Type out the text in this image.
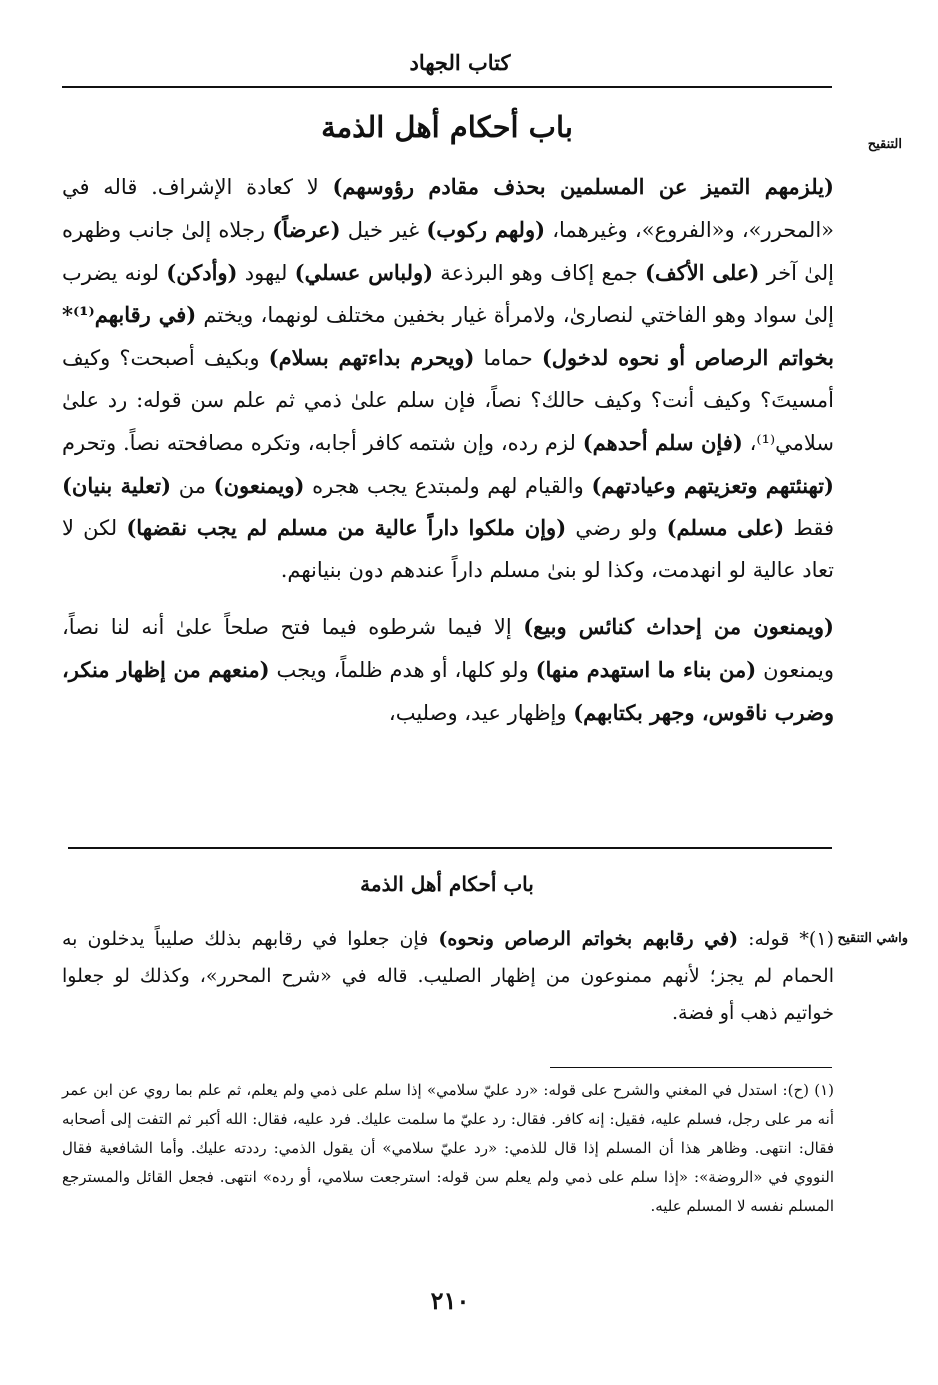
كتاب الجهاد
التنقيح
باب أحكام أهل الذمة

(يلزمهم التميز عن المسلمين بحذف مقادم رؤوسهم) لا كعادة الإشراف. قاله في «المحرر»، و«الفروع»، وغيرهما، (ولهم ركوب) غير خيل (عرضاً) رجلاه إلىٰ جانب وظهره إلىٰ آخر (على الأكف) جمع إكاف وهو البرذعة (ولباس عسلي) ليهود (وأدكن) لونه يضرب إلىٰ سواد وهو الفاختي لنصارىٰ، ولامرأة غيار بخفين مختلف لونهما، ويختم (في رقابهم⁽¹⁾* بخواتم الرصاص أو نحوه لدخول) حماما (ويحرم بداءتهم بسلام) وبكيف أصبحت؟ وكيف أمسيتَ؟ وكيف أنت؟ وكيف حالك؟ نصاً، فإن سلم علىٰ ذمي ثم علم سن قوله: رد علىٰ سلامي⁽¹⁾، (فإن سلم أحدهم) لزم رده، وإن شتمه كافر أجابه، وتكره مصافحته نصاً. وتحرم (تهنئتهم وتعزيتهم وعيادتهم) والقيام لهم ولمبتدع يجب هجره (ويمنعون) من (تعلية بنيان) فقط (على مسلم) ولو رضي (وإن ملكوا داراً عالية من مسلم لم يجب نقضها) لكن لا تعاد عالية لو انهدمت، وكذا لو بنىٰ مسلم داراً عندهم دون بنيانهم.

(ويمنعون من إحداث كنائس وبيع) إلا فيما شرطوه فيما فتح صلحاً علىٰ أنه لنا نصاً، ويمنعون (من بناء ما استهدم منها) ولو كلها، أو هدم ظلماً، ويجب (منعهم من إظهار منكر، وضرب ناقوس، وجهر بكتابهم) وإظهار عيد، وصليب،

باب أحكام أهل الذمة
واشي التنقيح

(١)* قوله: (في رقابهم بخواتم الرصاص ونحوه) فإن جعلوا في رقابهم بذلك صليباً يدخلون به الحمام لم يجز؛ لأنهم ممنوعون من إظهار الصليب. قاله في «شرح المحرر»، وكذلك لو جعلوا خواتيم ذهب أو فضة.

(١) (ح): استدل في المغني والشرح على قوله: «رد عليّ سلامي» إذا سلم على ذمي ولم يعلم، ثم علم بما روي عن ابن عمر أنه مر على رجل، فسلم عليه، فقيل: إنه كافر. فقال: رد عليّ ما سلمت عليك. فرد عليه، فقال: الله أكبر ثم التفت إلى أصحابه فقال: انتهى. وظاهر هذا أن المسلم إذا قال للذمي: «رد عليّ سلامي» أن يقول الذمي: رددته عليك. وأما الشافعية فقال النووي في «الروضة»: «إذا سلم على ذمي ولم يعلم سن قوله: استرجعت سلامي، أو رده» انتهى. فجعل القائل والمسترجع المسلم نفسه لا المسلم عليه.

٢١٠
